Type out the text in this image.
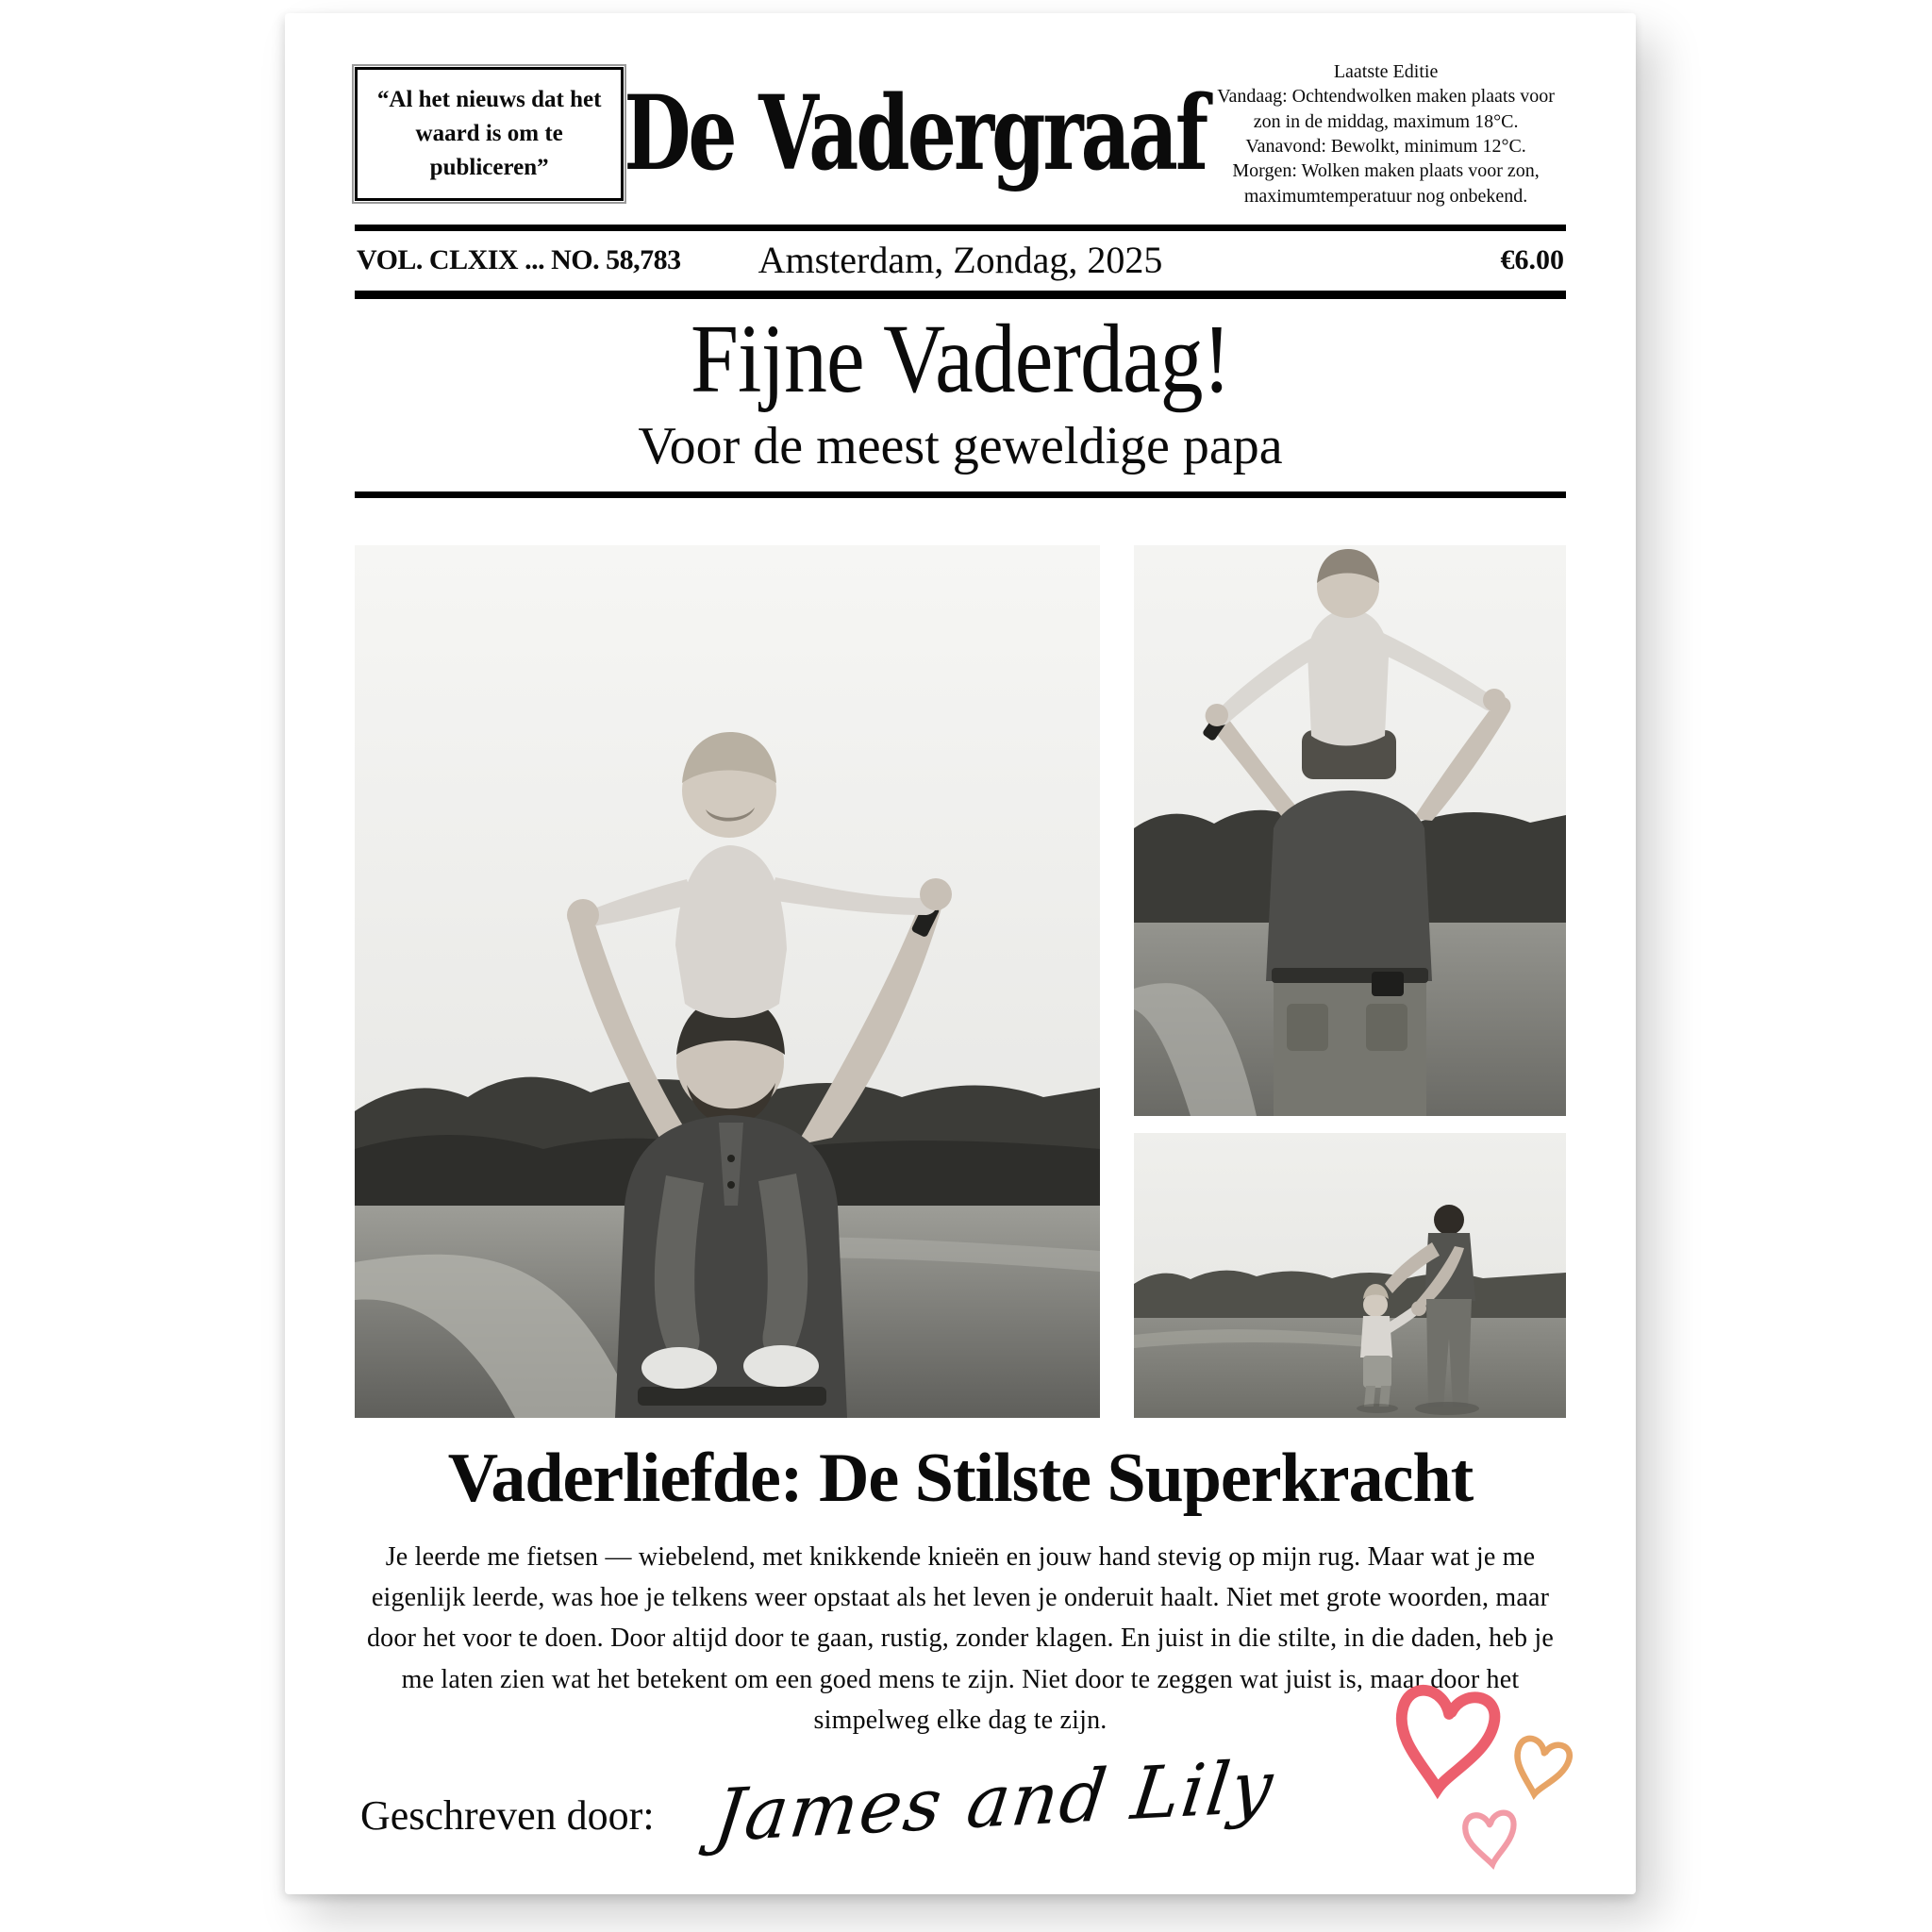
“Al het nieuws dat het waard is om te publiceren” De Vadergraaf
Laatste Editie
Vandaag: Ochtendwolken maken plaats voor zon in de middag, maximum 18°C.
Vanavond: Bewolkt, minimum 12°C.
Morgen: Wolken maken plaats voor zon, maximumtemperatuur nog onbekend.
VOL. CLXIX ... NO. 58,783	Amsterdam, Zondag, 2025	€6.00
Fijne Vaderdag!
Voor de meest geweldige papa
Vaderliefde: De Stilste Superkracht

Je leerde me fietsen — wiebelend, met knikkende knieën en jouw hand stevig op mijn rug. Maar wat je me eigenlijk leerde, was hoe je telkens weer opstaat als het leven je onderuit haalt. Niet met grote woorden, maar door het voor te doen. Door altijd door te gaan, rustig, zonder klagen. En juist in die stilte, in die daden, heb je me laten zien wat het betekent om een goed mens te zijn. Niet door te zeggen wat juist is, maar door het simpelweg elke dag te zijn.

Geschreven door: James and Lily
